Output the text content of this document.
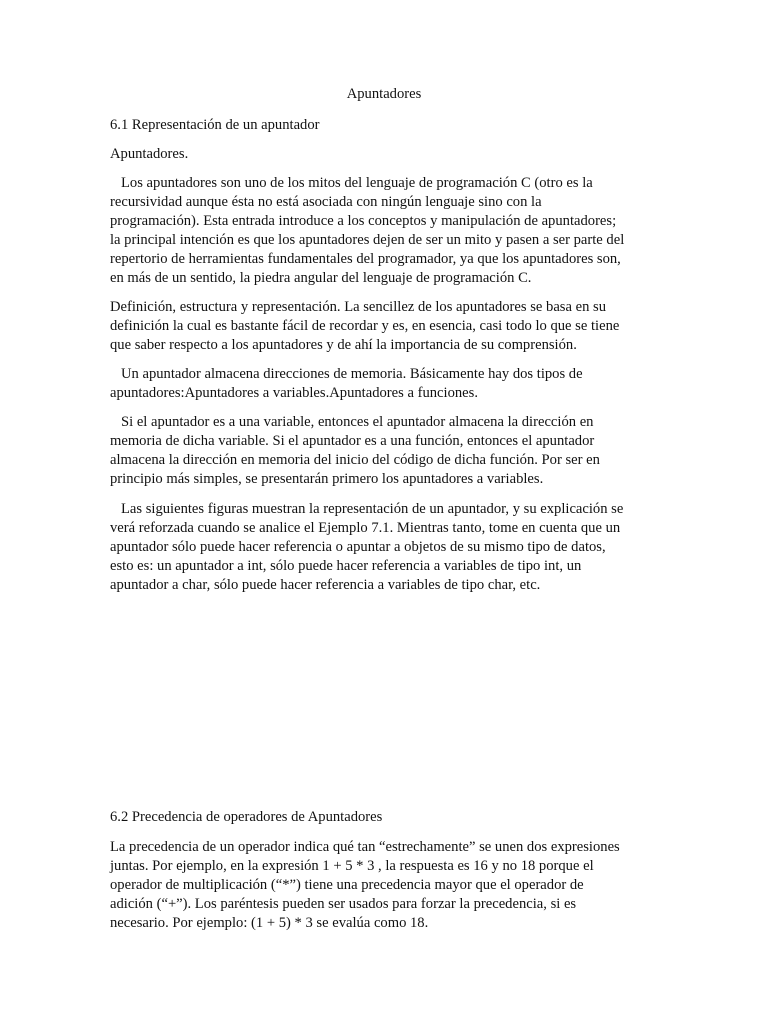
Apuntadores
6.1 Representación de un apuntador
Apuntadores.
Los apuntadores son uno de los mitos del lenguaje de programación C (otro es la
recursividad aunque ésta no está asociada con ningún lenguaje sino con la
programación). Esta entrada introduce a los conceptos y manipulación de apuntadores;
la principal intención es que los apuntadores dejen de ser un mito y pasen a ser parte del
repertorio de herramientas fundamentales del programador, ya que los apuntadores son,
en más de un sentido, la piedra angular del lenguaje de programación C.
Definición, estructura y representación. La sencillez de los apuntadores se basa en su
definición la cual es bastante fácil de recordar y es, en esencia, casi todo lo que se tiene
que saber respecto a los apuntadores y de ahí la importancia de su comprensión.
Un apuntador almacena direcciones de memoria. Básicamente hay dos tipos de
apuntadores:Apuntadores a variables.Apuntadores a funciones.
Si el apuntador es a una variable, entonces el apuntador almacena la dirección en
memoria de dicha variable. Si el apuntador es a una función, entonces el apuntador
almacena la dirección en memoria del inicio del código de dicha función. Por ser en
principio más simples, se presentarán primero los apuntadores a variables.
Las siguientes figuras muestran la representación de un apuntador, y su explicación se
verá reforzada cuando se analice el Ejemplo 7.1. Mientras tanto, tome en cuenta que un
apuntador sólo puede hacer referencia o apuntar a objetos de su mismo tipo de datos,
esto es: un apuntador a int, sólo puede hacer referencia a variables de tipo int, un
apuntador a char, sólo puede hacer referencia a variables de tipo char, etc.
6.2 Precedencia de operadores de Apuntadores
La precedencia de un operador indica qué tan “estrechamente” se unen dos expresiones
juntas. Por ejemplo, en la expresión 1 + 5 * 3 , la respuesta es 16 y no 18 porque el
operador de multiplicación (“*”) tiene una precedencia mayor que el operador de
adición (“+”). Los paréntesis pueden ser usados para forzar la precedencia, si es
necesario. Por ejemplo: (1 + 5) * 3 se evalúa como 18.
